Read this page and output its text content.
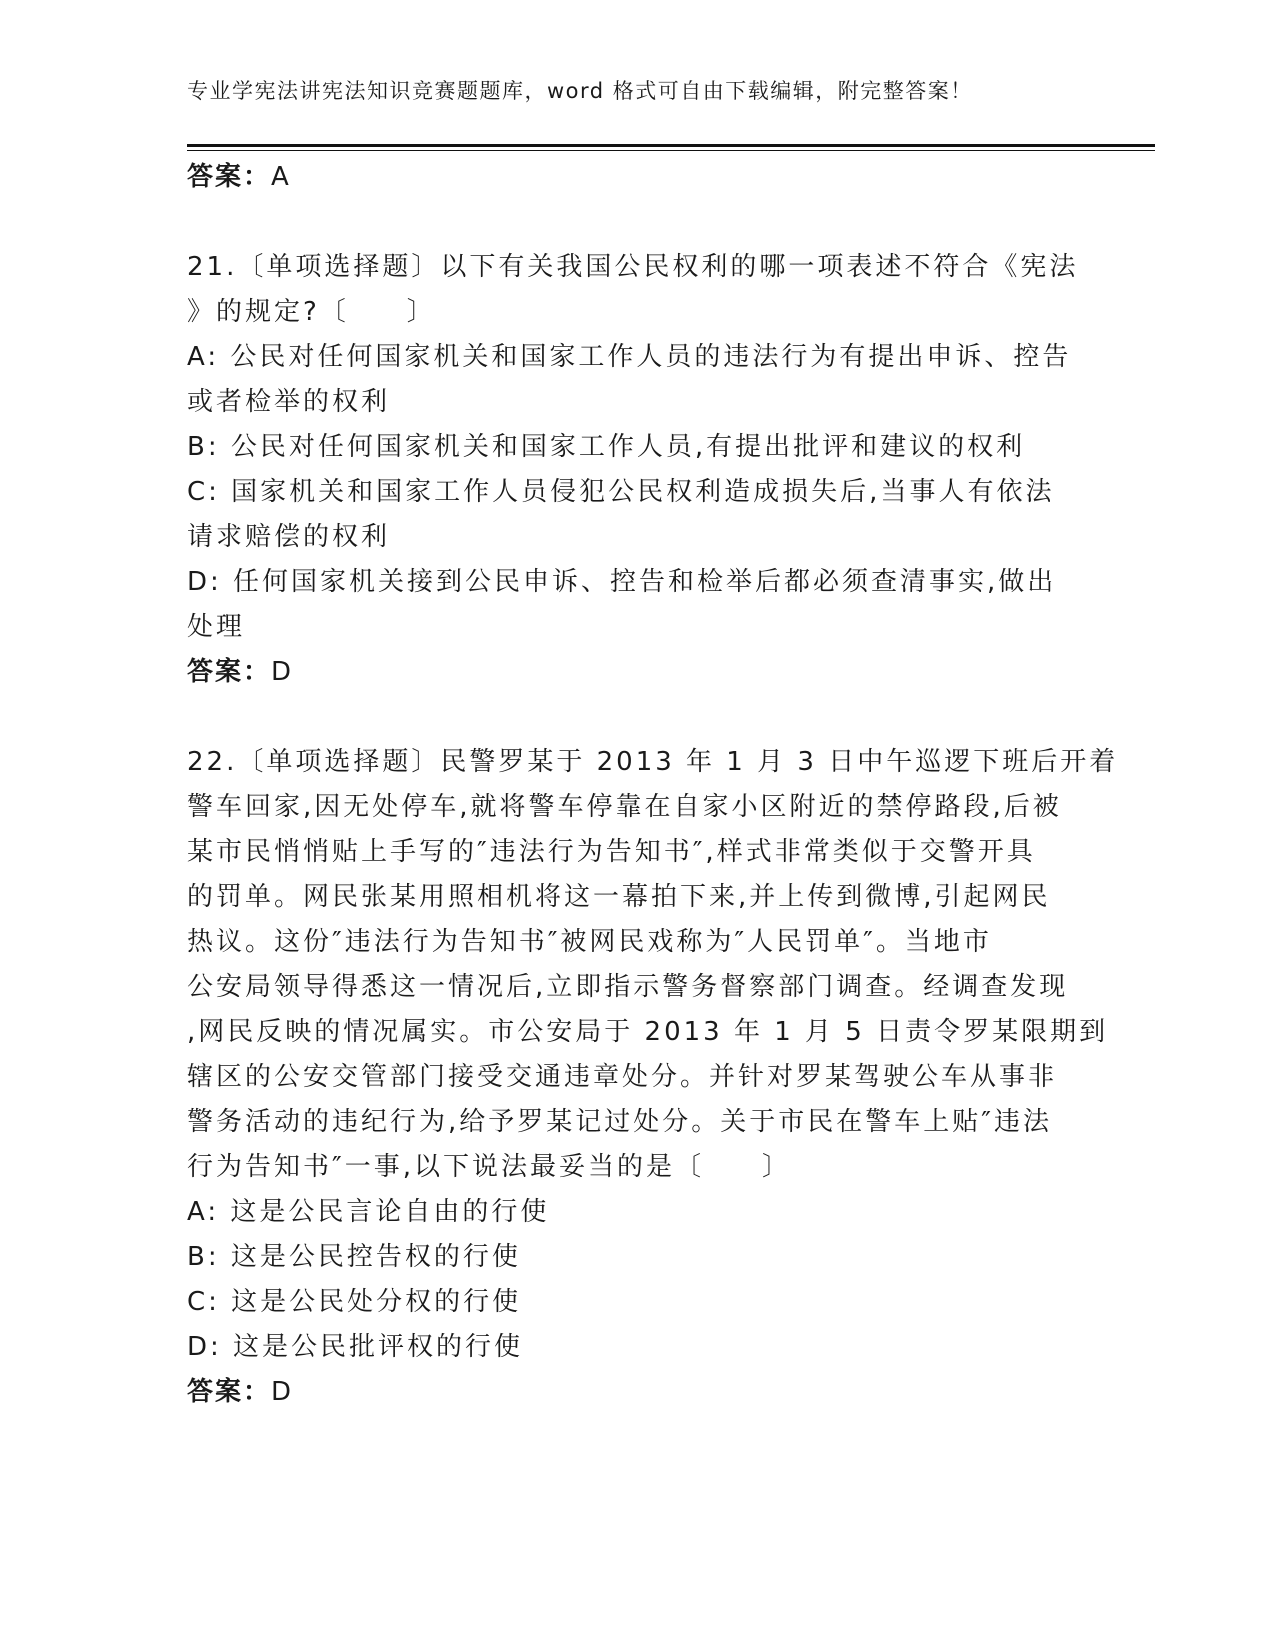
专业学宪法讲宪法知识竞赛题题库，word 格式可自由下载编辑，附完整答案！
答案：A
21.〔单项选择题〕以下有关我国公民权利的哪一项表述不符合《宪法
》的规定?〔　　〕
A: 公民对任何国家机关和国家工作人员的违法行为有提出申诉、控告
或者检举的权利
B: 公民对任何国家机关和国家工作人员,有提出批评和建议的权利
C: 国家机关和国家工作人员侵犯公民权利造成损失后,当事人有依法
请求赔偿的权利
D: 任何国家机关接到公民申诉、控告和检举后都必须查清事实,做出
处理
答案：D
22.〔单项选择题〕民警罗某于 2013 年 1 月 3 日中午巡逻下班后开着
警车回家,因无处停车,就将警车停靠在自家小区附近的禁停路段,后被
某市民悄悄贴上手写的″违法行为告知书″,样式非常类似于交警开具
的罚单。网民张某用照相机将这一幕拍下来,并上传到微博,引起网民
热议。这份″违法行为告知书″被网民戏称为″人民罚单″。当地市
公安局领导得悉这一情况后,立即指示警务督察部门调查。经调查发现
,网民反映的情况属实。市公安局于 2013 年 1 月 5 日责令罗某限期到
辖区的公安交管部门接受交通违章处分。并针对罗某驾驶公车从事非
警务活动的违纪行为,给予罗某记过处分。关于市民在警车上贴″违法
行为告知书″一事,以下说法最妥当的是〔　　〕
A: 这是公民言论自由的行使
B: 这是公民控告权的行使
C: 这是公民处分权的行使
D: 这是公民批评权的行使
答案：D
